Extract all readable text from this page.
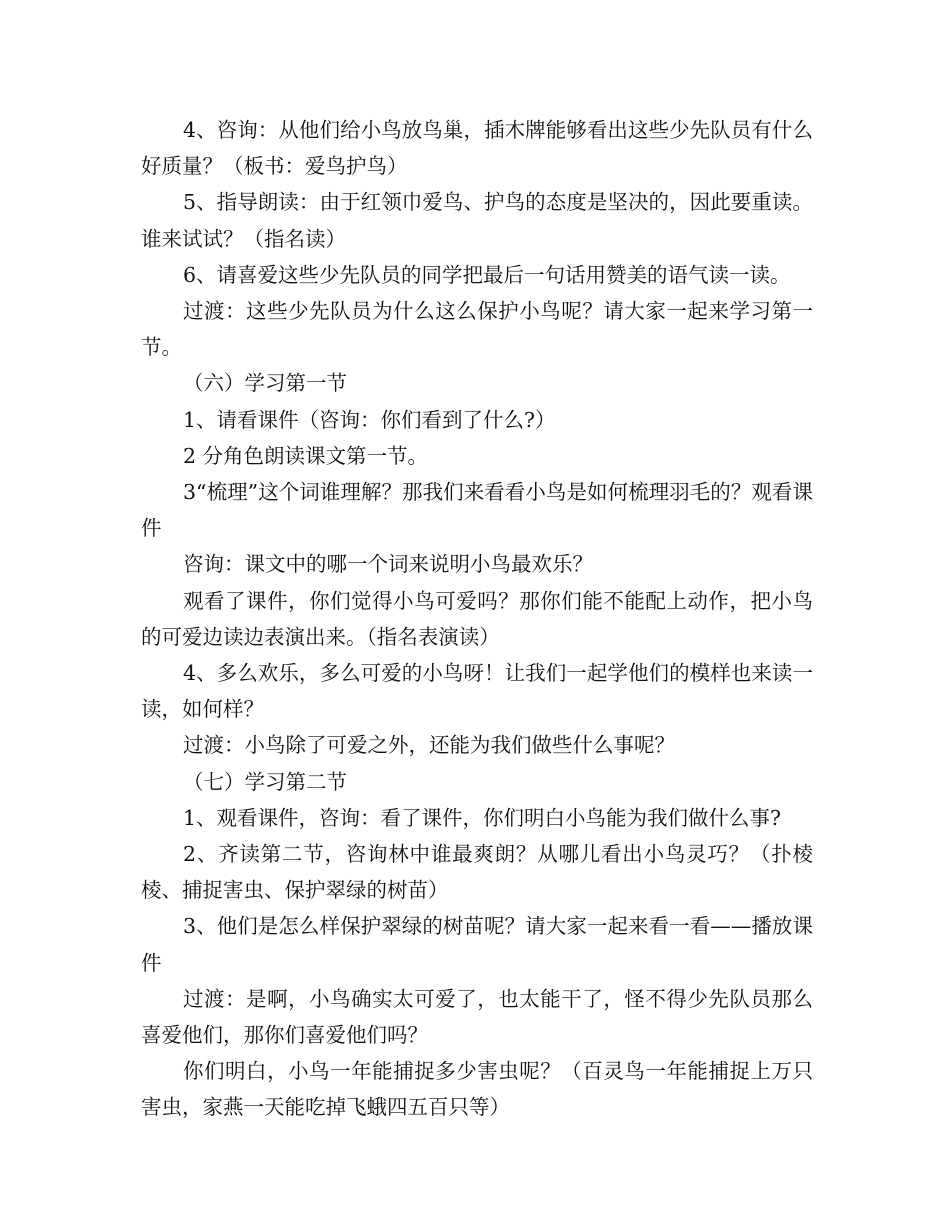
4、咨询：从他们给小鸟放鸟巢，插木牌能够看出这些少先队员有什么好质量？（板书：爱鸟护鸟）

5、指导朗读：由于红领巾爱鸟、护鸟的态度是坚决的，因此要重读。谁来试试？（指名读）

6、请喜爱这些少先队员的同学把最后一句话用赞美的语气读一读。

过渡：这些少先队员为什么这么保护小鸟呢？请大家一起来学习第一节。

（六）学习第一节

1、请看课件（咨询：你们看到了什么?）

2 分角色朗读课文第一节。

3“梳理”这个词谁理解？那我们来看看小鸟是如何梳理羽毛的？观看课件

咨询：课文中的哪一个词来说明小鸟最欢乐？

观看了课件，你们觉得小鸟可爱吗？那你们能不能配上动作，把小鸟的可爱边读边表演出来。（指名表演读）

4、多么欢乐，多么可爱的小鸟呀！让我们一起学他们的模样也来读一读，如何样？

过渡：小鸟除了可爱之外，还能为我们做些什么事呢？

（七）学习第二节

1、观看课件，咨询：看了课件，你们明白小鸟能为我们做什么事?

2、齐读第二节，咨询林中谁最爽朗？从哪儿看出小鸟灵巧？（扑棱棱、捕捉害虫、保护翠绿的树苗）

3、他们是怎么样保护翠绿的树苗呢？请大家一起来看一看——播放课件

过渡：是啊，小鸟确实太可爱了，也太能干了，怪不得少先队员那么喜爱他们，那你们喜爱他们吗？

你们明白，小鸟一年能捕捉多少害虫呢？（百灵鸟一年能捕捉上万只害虫，家燕一天能吃掉飞蛾四五百只等）
